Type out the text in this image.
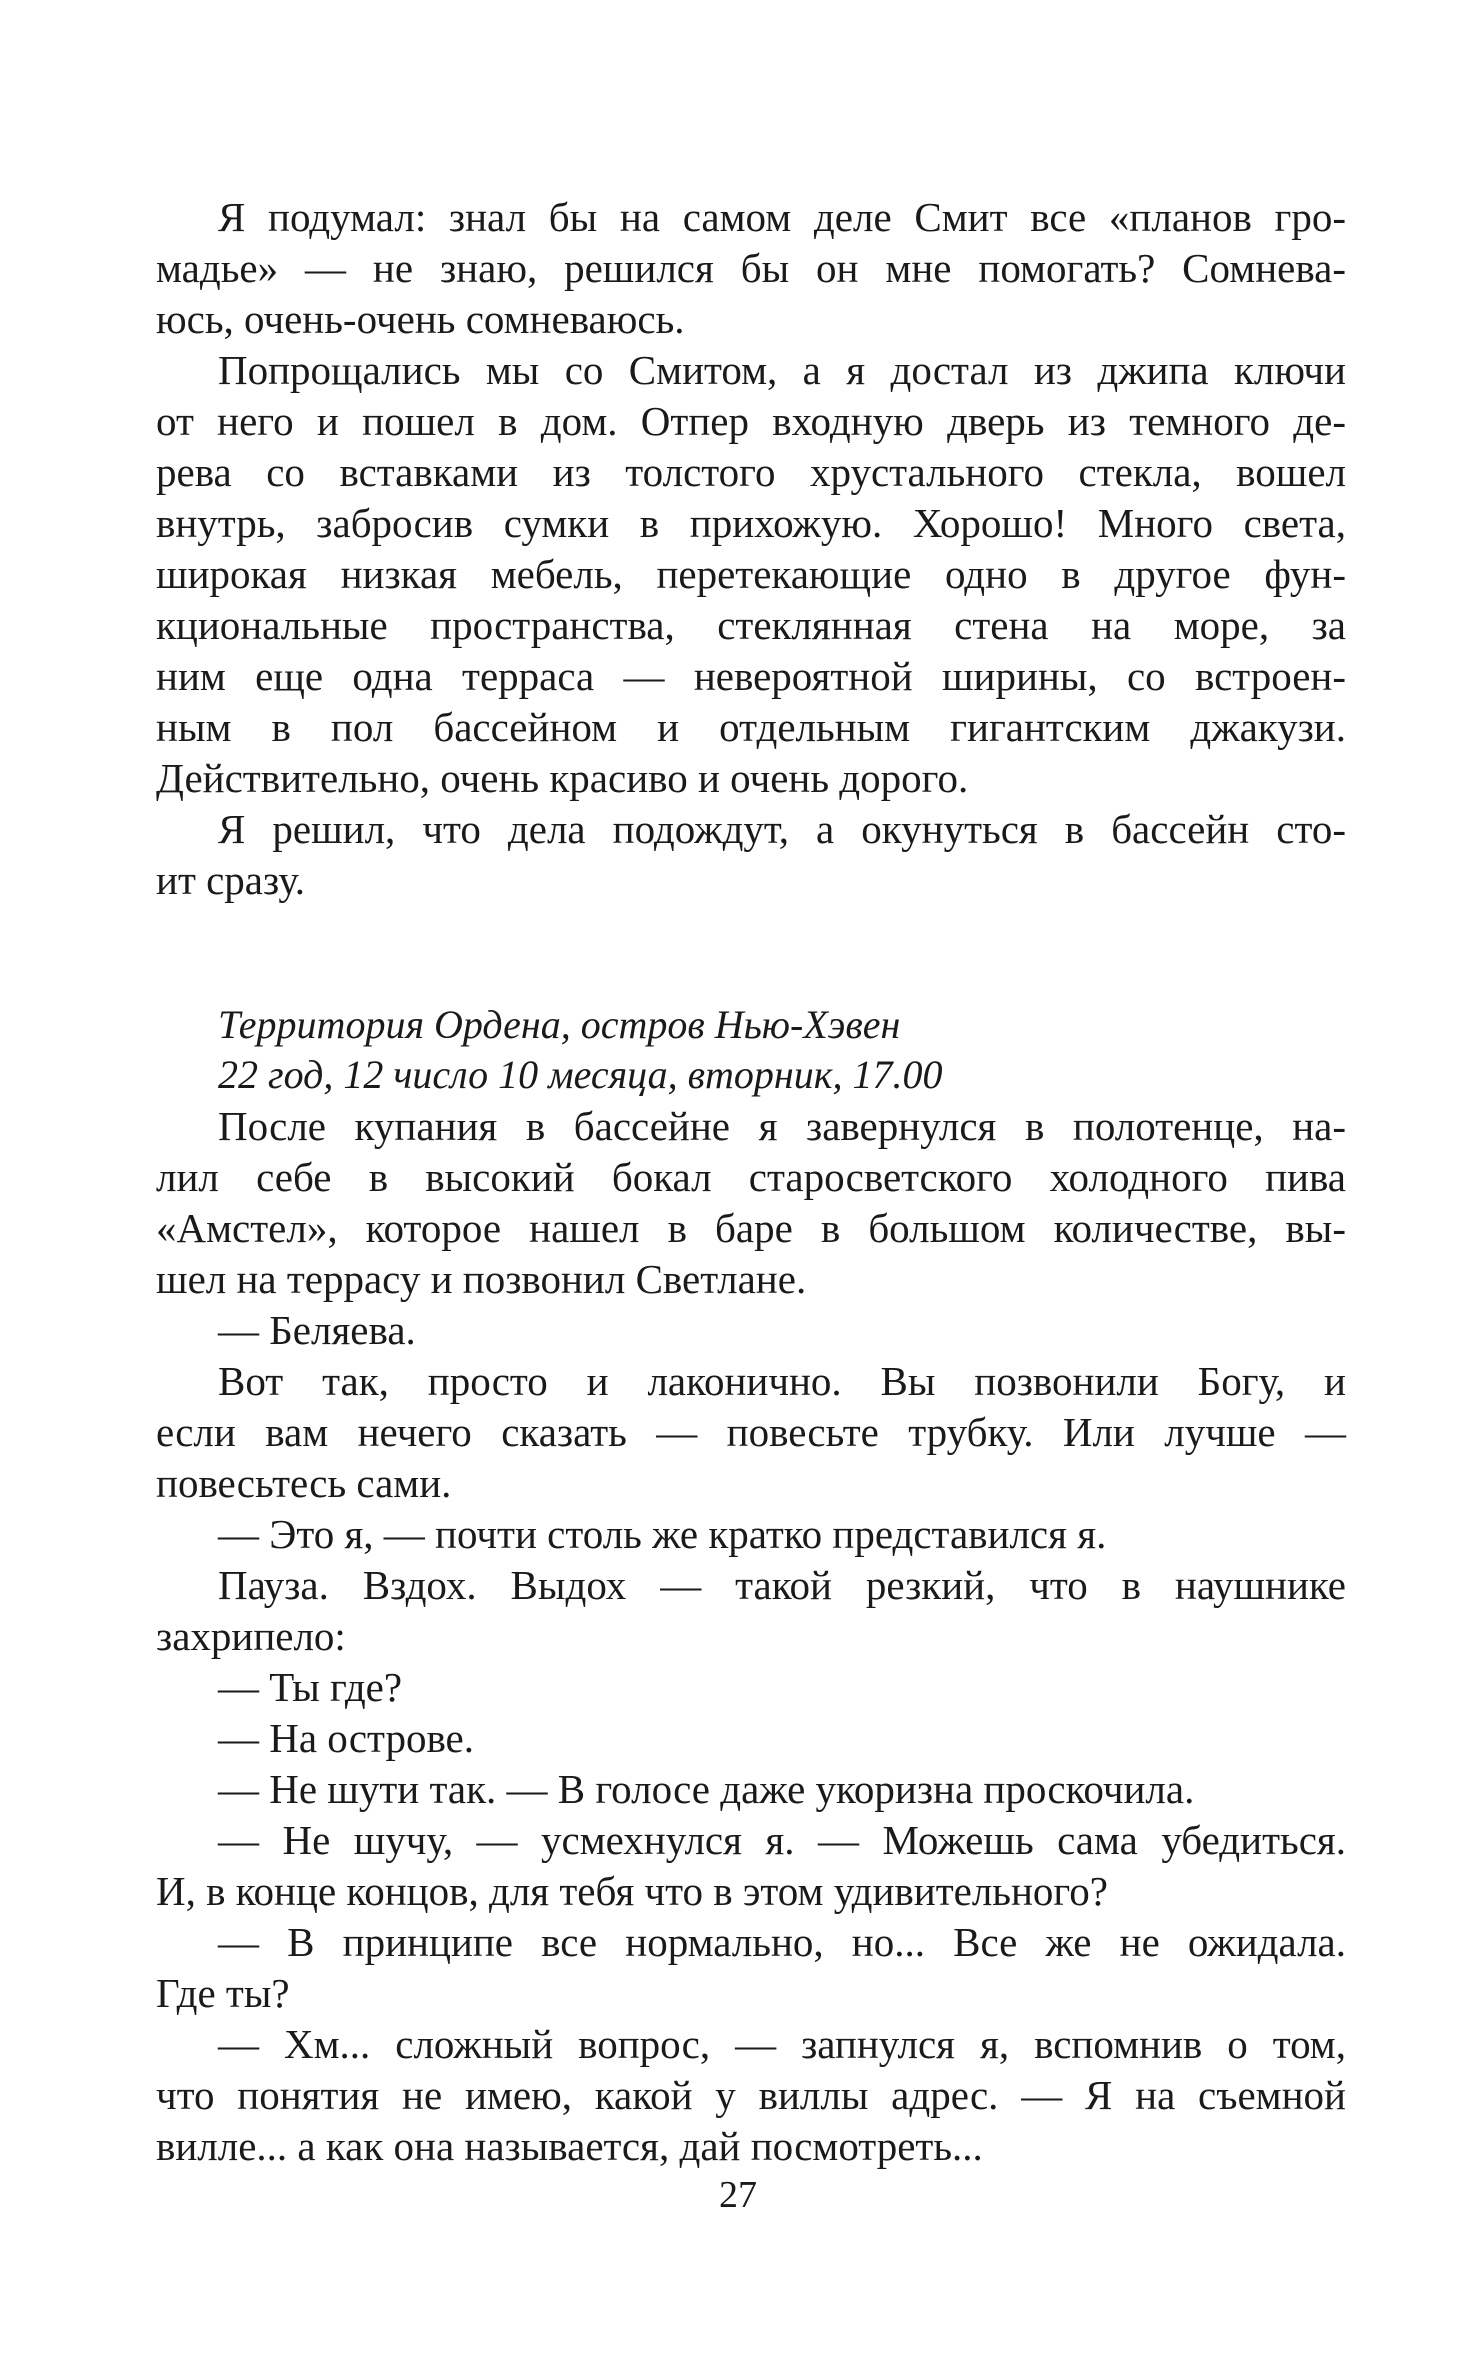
Я подумал: знал бы на самом деле Смит все «планов гро-
мадье» — не знаю, решился бы он мне помогать? Сомнева-
юсь, очень-очень сомневаюсь.
Попрощались мы со Смитом, а я достал из джипа ключи
от него и пошел в дом. Отпер входную дверь из темного де-
рева со вставками из толстого хрустального стекла, вошел
внутрь, забросив сумки в прихожую. Хорошо! Много света,
широкая низкая мебель, перетекающие одно в другое фун-
кциональные пространства, стеклянная стена на море, за
ним еще одна терраса — невероятной ширины, со встроен-
ным в пол бассейном и отдельным гигантским джакузи.
Действительно, очень красиво и очень дорого.
Я решил, что дела подождут, а окунуться в бассейн сто-
ит сразу.
Территория Ордена, остров Нью-Хэвен
22 год, 12 число 10 месяца, вторник, 17.00
После купания в бассейне я завернулся в полотенце, на-
лил себе в высокий бокал старосветского холодного пива
«Амстел», которое нашел в баре в большом количестве, вы-
шел на террасу и позвонил Светлане.
— Беляева.
Вот так, просто и лаконично. Вы позвонили Богу, и
если вам нечего сказать — повесьте трубку. Или лучше —
повесьтесь сами.
— Это я, — почти столь же кратко представился я.
Пауза. Вздох. Выдох — такой резкий, что в наушнике
захрипело:
— Ты где?
— На острове.
— Не шути так. — В голосе даже укоризна проскочила.
— Не шучу, — усмехнулся я. — Можешь сама убедиться.
И, в конце концов, для тебя что в этом удивительного?
— В принципе все нормально, но... Все же не ожидала.
Где ты?
— Хм... сложный вопрос, — запнулся я, вспомнив о том,
что понятия не имею, какой у виллы адрес. — Я на съемной
вилле... а как она называется, дай посмотреть...
27
